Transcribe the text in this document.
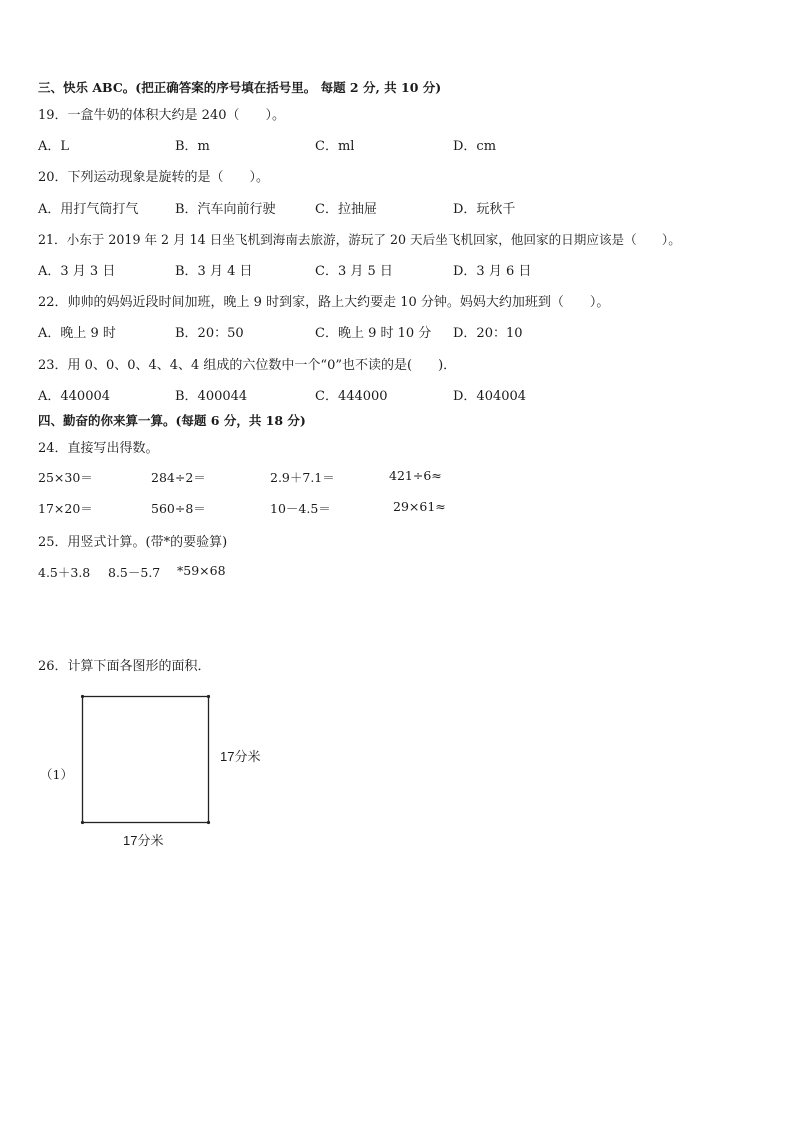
三、快乐 ABC。(把正确答案的序号填在括号里。 每题 2 分, 共 10 分)
19．一盒牛奶的体积大约是 240（　　）。
A．L	B．m	C．ml	D．cm
20．下列运动现象是旋转的是（　　）。
A．用打气筒打气	B．汽车向前行驶	C．拉抽屉	D．玩秋千
21．小东于 2019 年 2 月 14 日坐飞机到海南去旅游，游玩了 20 天后坐飞机回家，他回家的日期应该是（　　）。
A．3 月 3 日	B．3 月 4 日	C．3 月 5 日	D．3 月 6 日
22．帅帅的妈妈近段时间加班，晚上 9 时到家，路上大约要走 10 分钟。妈妈大约加班到（　　）。
A．晚上 9 时	B．20：50	C．晚上 9 时 10 分 D．20：10
23．用 0、0、0、4、4、4 组成的六位数中一个“0”也不读的是(　　)．
A．440004	B．400044	C．444000	D．404004
四、勤奋的你来算一算。(每题 6 分，共 18 分)
24．直接写出得数。
25×30＝	284÷2＝	2.9＋7.1＝	421÷6≈
17×20＝	560÷8＝	10－4.5＝	29×61≈
25．用竖式计算。(带*的要验算)
4.5＋3.8 8.5－5.7 *59×68
26．计算下面各图形的面积．
（1）
17分米
17分米
